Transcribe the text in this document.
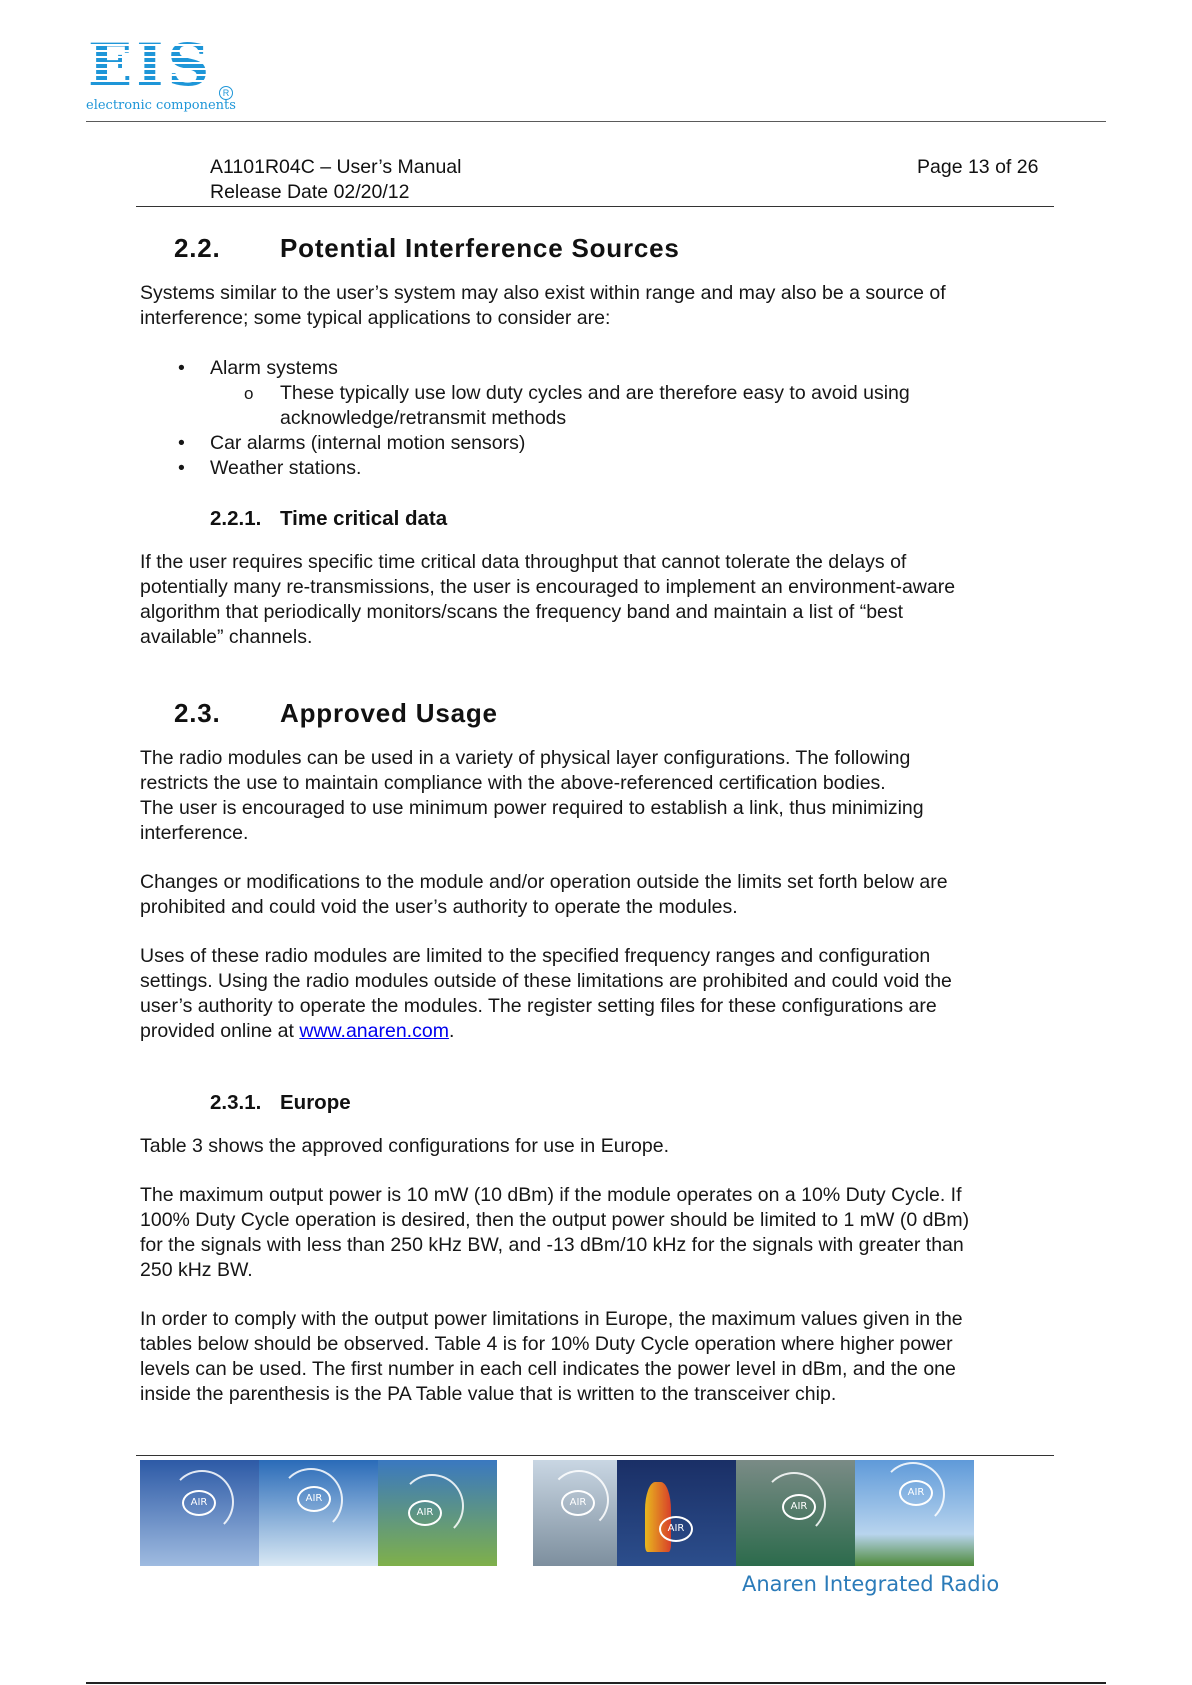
EIS	R
electronic components
A1101R04C – User’s Manual
Release Date 02/20/12
Page 13 of 26
2.2. Potential Interference Sources
Systems similar to the user’s system may also exist within range and may also be a source of
interference; some typical applications to consider are:
• Alarm systems
o These typically use low duty cycles and are therefore easy to avoid using
acknowledge/retransmit methods
• Car alarms (internal motion sensors)
• Weather stations.
2.2.1. Time critical data
If the user requires specific time critical data throughput that cannot tolerate the delays of
potentially many re-transmissions, the user is encouraged to implement an environment-aware
algorithm that periodically monitors/scans the frequency band and maintain a list of “best
available” channels.
2.3. Approved Usage
The radio modules can be used in a variety of physical layer configurations. The following
restricts the use to maintain compliance with the above-referenced certification bodies.
The user is encouraged to use minimum power required to establish a link, thus minimizing
interference.
Changes or modifications to the module and/or operation outside the limits set forth below are
prohibited and could void the user’s authority to operate the modules.
Uses of these radio modules are limited to the specified frequency ranges and configuration
settings. Using the radio modules outside of these limitations are prohibited and could void the
user’s authority to operate the modules. The register setting files for these configurations are
provided online at www.anaren.com.
2.3.1. Europe
Table 3 shows the approved configurations for use in Europe.
The maximum output power is 10 mW (10 dBm) if the module operates on a 10% Duty Cycle. If
100% Duty Cycle operation is desired, then the output power should be limited to 1 mW (0 dBm)
for the signals with less than 250 kHz BW, and -13 dBm/10 kHz for the signals with greater than
250 kHz BW.
In order to comply with the output power limitations in Europe, the maximum values given in the
tables below should be observed. Table 4 is for 10% Duty Cycle operation where higher power
levels can be used. The first number in each cell indicates the power level in dBm, and the one
inside the parenthesis is the PA Table value that is written to the transceiver chip.
AIR	AIR
AIR
AIR
AIR
AIR
AIR
Anaren Integrated Radio
